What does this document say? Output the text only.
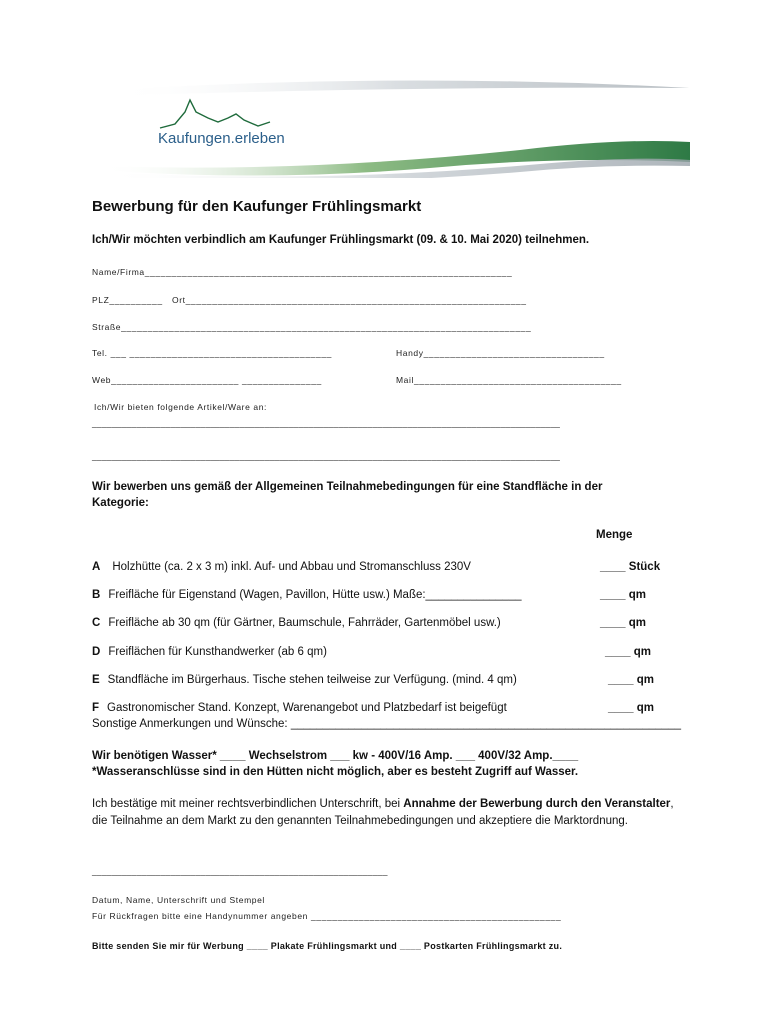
Kaufungen.erleben
Bewerbung für den Kaufunger Frühlingsmarkt
Ich/Wir möchten verbindlich am Kaufunger Frühlingsmarkt (09. & 10. Mai 2020) teilnehmen.
Name/Firma_____________________________________________________________________
PLZ__________ Ort________________________________________________________________
Straße_____________________________________________________________________________
Tel. ___ ______________________________________	Handy__________________________________
Web________________________ _______________	Mail_______________________________________
Ich/Wir bieten folgende Artikel/Ware an:
_______________________________________________________________________________________________
_______________________________________________________________________________________________
Wir bewerben uns gemäß der Allgemeinen Teilnahmebedingungen für eine Standfläche in der
Kategorie:
Menge
A Holzhütte (ca. 2 x 3 m) inkl. Auf- und Abbau und Stromanschluss 230V	____ Stück
B Freifläche für Eigenstand (Wagen, Pavillon, Hütte usw.) Maße:_______________	____ qm
C Freifläche ab 30 qm (für Gärtner, Baumschule, Fahrräder, Gartenmöbel usw.)	____ qm
D Freiflächen für Kunsthandwerker (ab 6 qm)	____ qm
E Standfläche im Bürgerhaus. Tische stehen teilweise zur Verfügung. (mind. 4 qm)	____ qm
F Gastronomischer Stand. Konzept, Warenangebot und Platzbedarf ist beigefügt	____ qm
Sonstige Anmerkungen und Wünsche: _____________________________________________________________
Wir benötigen Wasser* ____ Wechselstrom ___ kw - 400V/16 Amp. ___ 400V/32 Amp.____
*Wasseranschlüsse sind in den Hütten nicht möglich, aber es besteht Zugriff auf Wasser.
Ich bestätige mit meiner rechtsverbindlichen Unterschrift, bei Annahme der Bewerbung durch den Veranstalter, die Teilnahme an dem Markt zu den genannten Teilnahmebedingungen und akzeptiere die Marktordnung.
____________________________________________________________
Datum, Name, Unterschrift und Stempel
Für Rückfragen bitte eine Handynummer angeben _______________________________________________
Bitte senden Sie mir für Werbung ____ Plakate Frühlingsmarkt und ____ Postkarten Frühlingsmarkt zu.
